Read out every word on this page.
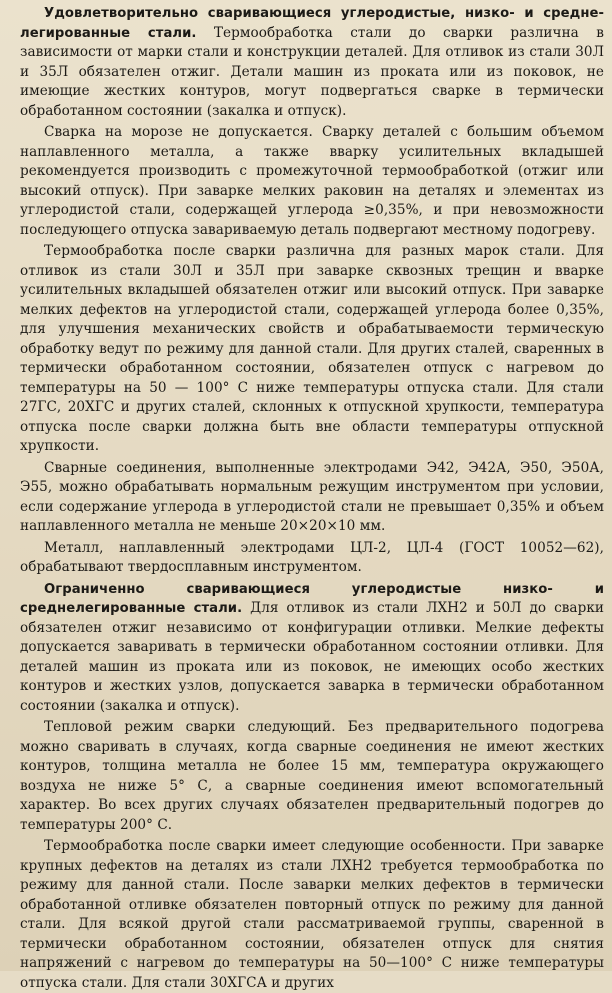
Удовлетворительно сваривающиеся углеродистые, низко- и среднелегированные стали. Термообработка стали до сварки различна в зависимости от марки стали и конструкции деталей. Для отливок из стали 30Л и 35Л обязателен отжиг. Детали машин из проката или из поковок, не имеющие жестких контуров, могут подвергаться сварке в термически обработанном состоянии (закалка и отпуск).

Сварка на морозе не допускается. Сварку деталей с большим объемом наплавленного металла, а также вварку усилительных вкладышей рекомендуется производить с промежуточной термообработкой (отжиг или высокий отпуск). При заварке мелких раковин на деталях и элементах из углеродистой стали, содержащей углерода ≥0,35%, и при невозможности последующего отпуска завариваемую деталь подвергают местному подогреву.

Термообработка после сварки различна для разных марок стали. Для отливок из стали 30Л и 35Л при заварке сквозных трещин и вварке усилительных вкладышей обязателен отжиг или высокий отпуск. При заварке мелких дефектов на углеродистой стали, содержащей углерода более 0,35%, для улучшения механических свойств и обрабатываемости термическую обработку ведут по режиму для данной стали. Для других сталей, сваренных в термически обработанном состоянии, обязателен отпуск с нагревом до температуры на 50 — 100° С ниже температуры отпуска стали. Для стали 27ГС, 20ХГС и других сталей, склонных к отпускной хрупкости, температура отпуска после сварки должна быть вне области температуры отпускной хрупкости.

Сварные соединения, выполненные электродами Э42, Э42А, Э50, Э50А, Э55, можно обрабатывать нормальным режущим инструментом при условии, если содержание углерода в углеродистой стали не превышает 0,35% и объем наплавленного металла не меньше 20×20×10 мм.

Металл, наплавленный электродами ЦЛ-2, ЦЛ-4 (ГОСТ 10052—62), обрабатывают твердосплавным инструментом.

Ограниченно сваривающиеся углеродистые низко- и среднелегированные стали. Для отливок из стали ЛХН2 и 50Л до сварки обязателен отжиг независимо от конфигурации отливки. Мелкие дефекты допускается заваривать в термически обработанном состоянии отливки. Для деталей машин из проката или из поковок, не имеющих особо жестких контуров и жестких узлов, допускается заварка в термически обработанном состоянии (закалка и отпуск).

Тепловой режим сварки следующий. Без предварительного подогрева можно сваривать в случаях, когда сварные соединения не имеют жестких контуров, толщина металла не более 15 мм, температура окружающего воздуха не ниже 5° С, а сварные соединения имеют вспомогательный характер. Во всех других случаях обязателен предварительный подогрев до температуры 200° С.

Термообработка после сварки имеет следующие особенности. При заварке крупных дефектов на деталях из стали ЛХН2 требуется термообработка по режиму для данной стали. После заварки мелких дефектов в термически обработанной отливке обязателен повторный отпуск по режиму для данной стали. Для всякой другой стали рассматриваемой группы, сваренной в термически обработанном состоянии, обязателен отпуск для снятия напряжений с нагревом до температуры на 50—100° С ниже температуры отпуска стали. Для стали 30ХГСА и других
